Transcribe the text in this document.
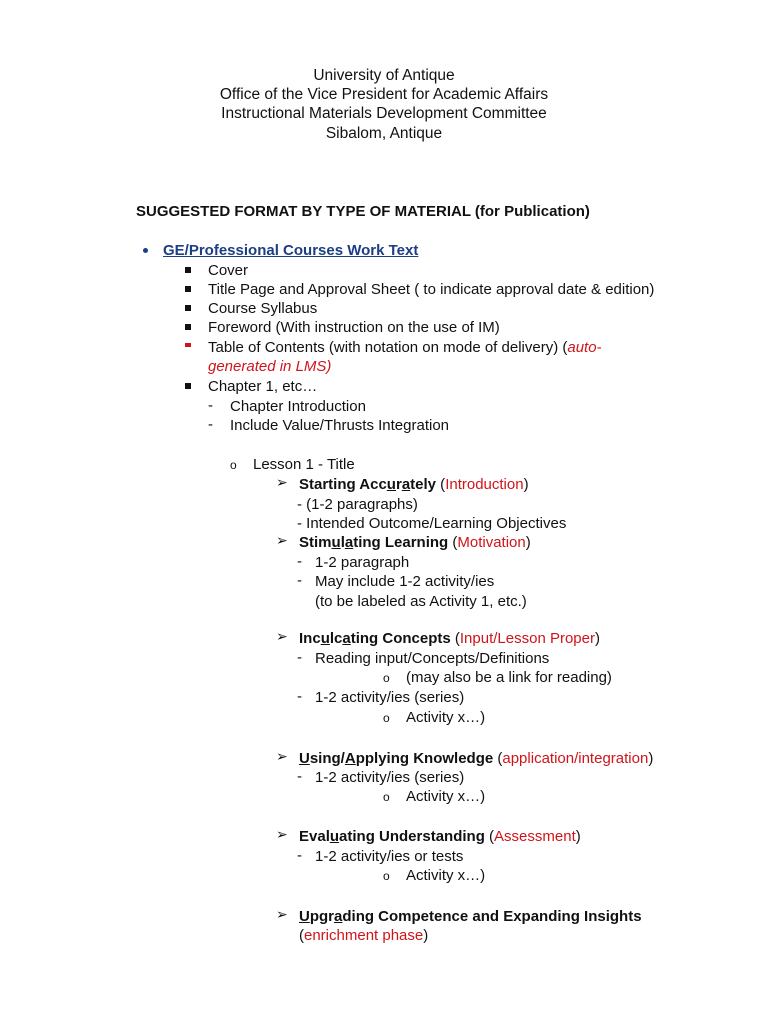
University of Antique
Office of the Vice President for Academic Affairs
Instructional Materials Development Committee
Sibalom, Antique
SUGGESTED FORMAT BY TYPE OF MATERIAL (for Publication)
GE/Professional Courses Work Text
Cover
Title Page and Approval Sheet ( to indicate approval date & edition)
Course Syllabus
Foreword (With instruction on the use of IM)
Table of Contents (with notation on mode of delivery) (auto-
generated in LMS)
Chapter 1, etc…
- Chapter Introduction
- Include Value/Thrusts Integration
o Lesson 1 - Title
➢ Starting Accurately (Introduction)
- (1-2 paragraphs)
- Intended Outcome/Learning Objectives
➢ Stimulating Learning (Motivation)
- 1-2 paragraph
- May include 1-2 activity/ies
(to be labeled as Activity 1, etc.)
➢ Inculcating Concepts (Input/Lesson Proper)
- Reading input/Concepts/Definitions
o (may also be a link for reading)
- 1-2 activity/ies (series)
o Activity x…)
➢ Using/Applying Knowledge (application/integration)
- 1-2 activity/ies (series)
o Activity x…)
➢ Evaluating Understanding (Assessment)
- 1-2 activity/ies or tests
o Activity x…)
➢ Upgrading Competence and Expanding Insights
(enrichment phase)
